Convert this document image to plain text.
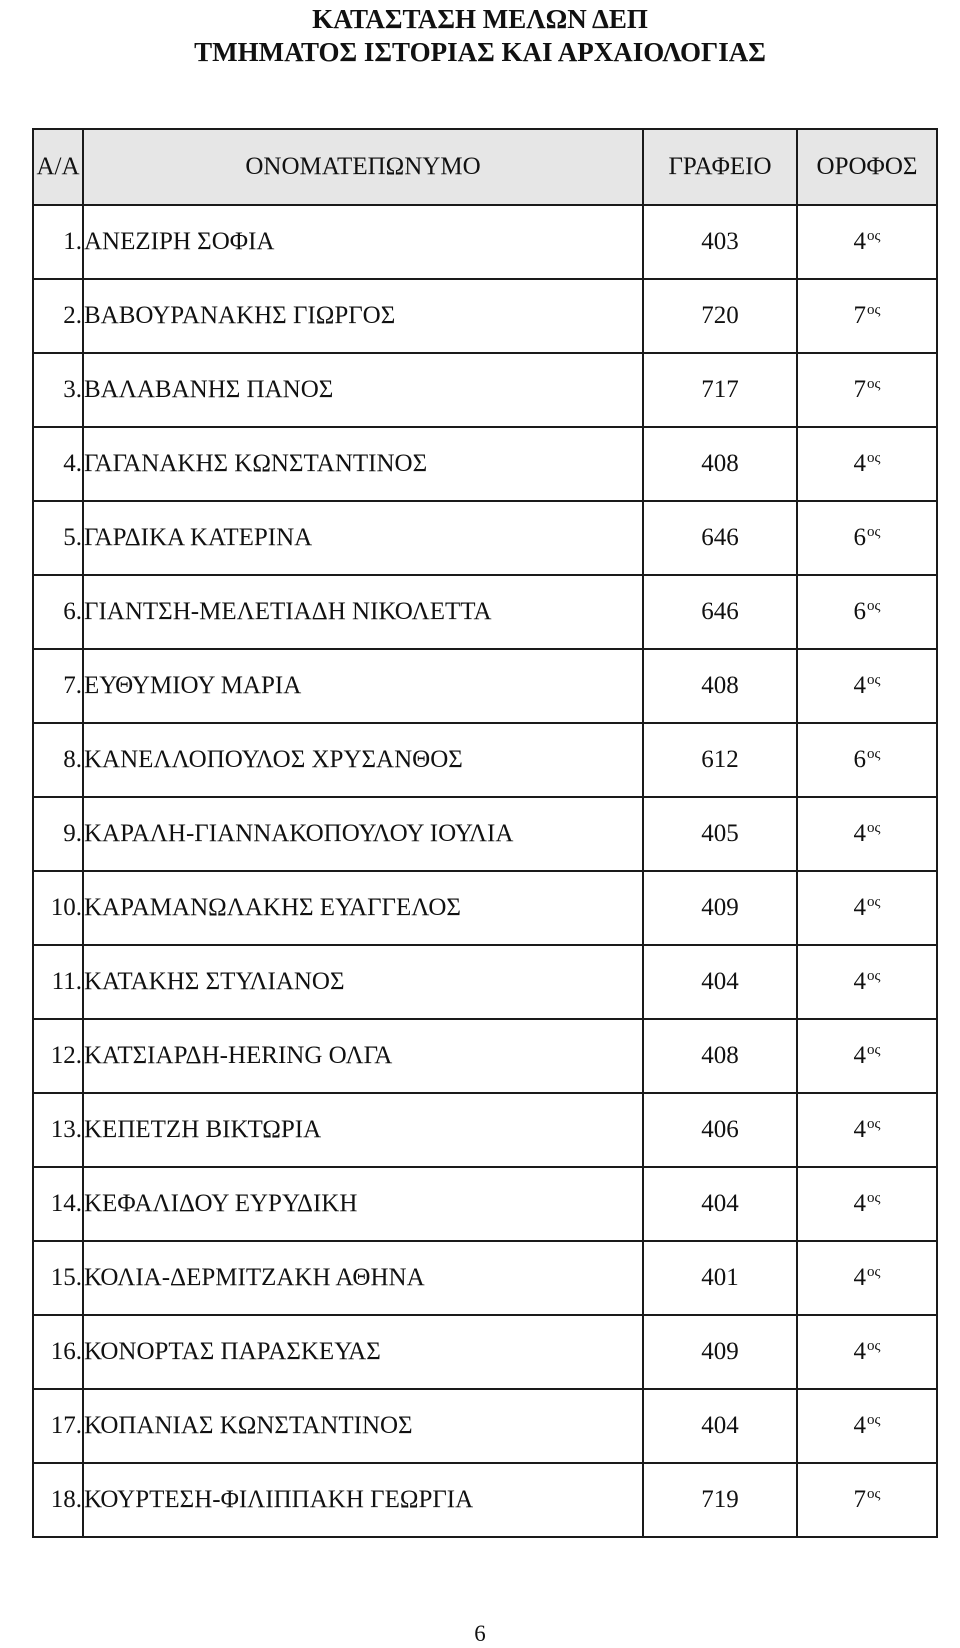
ΚΑΤΑΣΤΑΣΗ ΜΕΛΩΝ ΔΕΠ
ΤΜΗΜΑΤΟΣ ΙΣΤΟΡΙΑΣ ΚΑΙ ΑΡΧΑΙΟΛΟΓΙΑΣ
Α/Α	ΟΝΟΜΑΤΕΠΩΝΥΜΟ	ΓΡΑΦΕΙΟ	ΟΡΟΦΟΣ
1.	ΑΝΕΖΙΡΗ ΣΟΦΙΑ	403	$4^{o\varsigma}$
2.	ΒΑΒΟΥΡΑΝΑΚΗΣ ΓΙΩΡΓΟΣ	720	$7^{o\varsigma}$
3.	ΒΑΛΑΒΑΝΗΣ ΠΑΝΟΣ	717	$7^{o\varsigma}$
4.	ΓΑΓΑΝΑΚΗΣ ΚΩΝΣΤΑΝΤΙΝΟΣ	408	$4^{o\varsigma}$
5.	ΓΑΡΔΙΚΑ ΚΑΤΕΡΙΝΑ	646	$6^{o\varsigma}$
6.	ΓΙΑΝΤΣΗ-ΜΕΛΕΤΙΑΔΗ ΝΙΚΟΛΕΤΤΑ	646	$6^{o\varsigma}$
7.	ΕΥΘΥΜΙΟΥ ΜΑΡΙΑ	408	$4^{o\varsigma}$
8.	ΚΑΝΕΛΛΟΠΟΥΛΟΣ ΧΡΥΣΑΝΘΟΣ	612	$6^{o\varsigma}$
9.	ΚΑΡΑΛΗ-ΓΙΑΝΝΑΚΟΠΟΥΛΟΥ ΙΟΥΛΙΑ	405	$4^{o\varsigma}$
10.	ΚΑΡΑΜΑΝΩΛΑΚΗΣ ΕΥΑΓΓΕΛΟΣ	409	$4^{o\varsigma}$
11.	ΚΑΤΑΚΗΣ ΣΤΥΛΙΑΝΟΣ	404	$4^{o\varsigma}$
12.	ΚΑΤΣΙΑΡΔΗ-HERING ΟΛΓΑ	408	$4^{o\varsigma}$
13.	ΚΕΠΕΤΖΗ ΒΙΚΤΩΡΙΑ	406	$4^{o\varsigma}$
14.	ΚΕΦΑΛΙΔΟΥ ΕΥΡΥΔΙΚΗ	404	$4^{o\varsigma}$
15.	ΚΟΛΙΑ-ΔΕΡΜΙΤΖΑΚΗ ΑΘΗΝΑ	401	$4^{o\varsigma}$
16.	ΚΟΝΟΡΤΑΣ ΠΑΡΑΣΚΕΥΑΣ	409	$4^{o\varsigma}$
17.	ΚΟΠΑΝΙΑΣ ΚΩΝΣΤΑΝΤΙΝΟΣ	404	$4^{o\varsigma}$
18.	ΚΟΥΡΤΕΣΗ-ΦΙΛΙΠΠΑΚΗ ΓΕΩΡΓΙΑ	719	$7^{o\varsigma}$
6
